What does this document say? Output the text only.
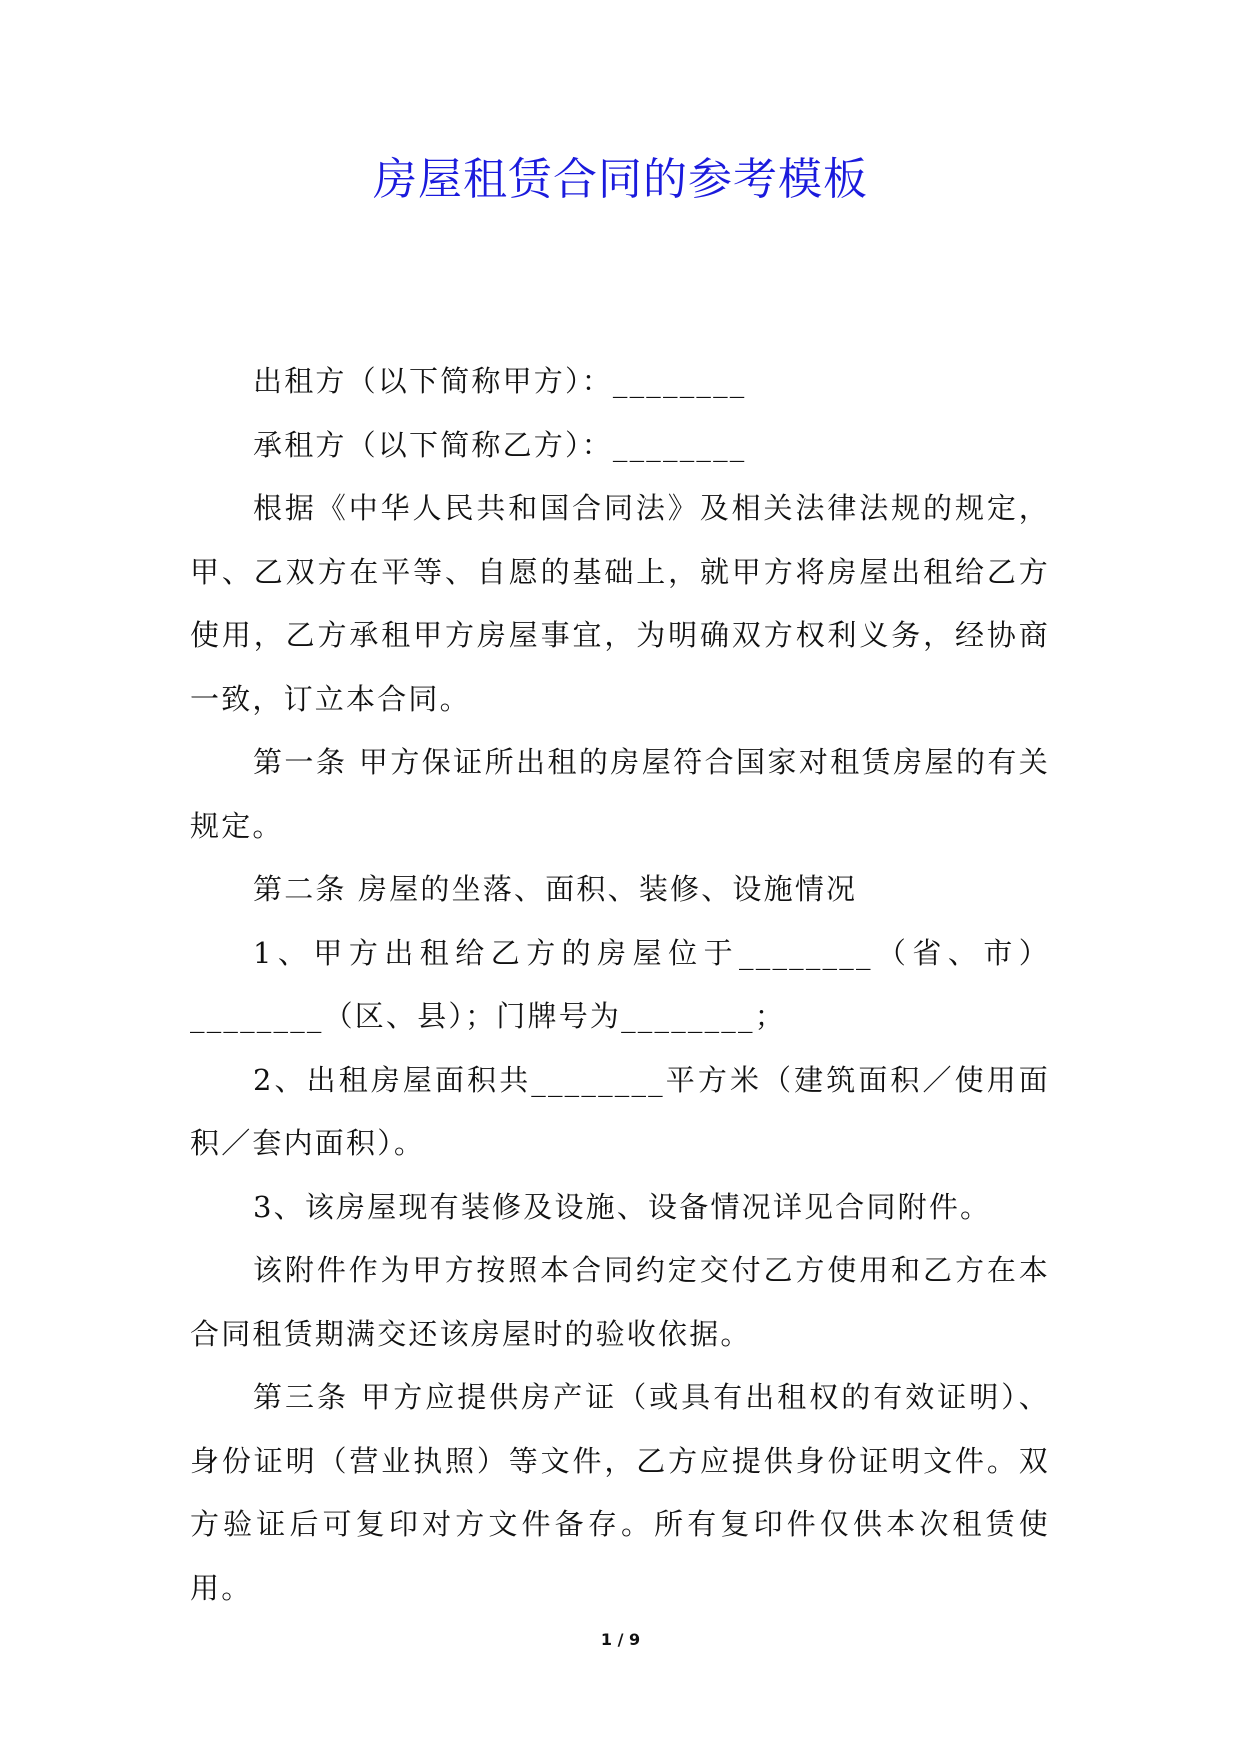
房屋租赁合同的参考模板

出租方（以下简称甲方）：________

承租方（以下简称乙方）：________

根据《中华人民共和国合同法》及相关法律法规的规定，甲、乙双方在平等、自愿的基础上，就甲方将房屋出租给乙方使用，乙方承租甲方房屋事宜，为明确双方权利义务，经协商一致，订立本合同。

第一条 甲方保证所出租的房屋符合国家对租赁房屋的有关规定。

第二条 房屋的坐落、面积、装修、设施情况

1、甲方出租给乙方的房屋位于________（省、市）________（区、县）；门牌号为________；

2、出租房屋面积共________平方米（建筑面积／使用面积／套内面积）。

3、该房屋现有装修及设施、设备情况详见合同附件。

该附件作为甲方按照本合同约定交付乙方使用和乙方在本合同租赁期满交还该房屋时的验收依据。

第三条 甲方应提供房产证（或具有出租权的有效证明）、身份证明（营业执照）等文件，乙方应提供身份证明文件。双方验证后可复印对方文件备存。所有复印件仅供本次租赁使用。

1 / 9
